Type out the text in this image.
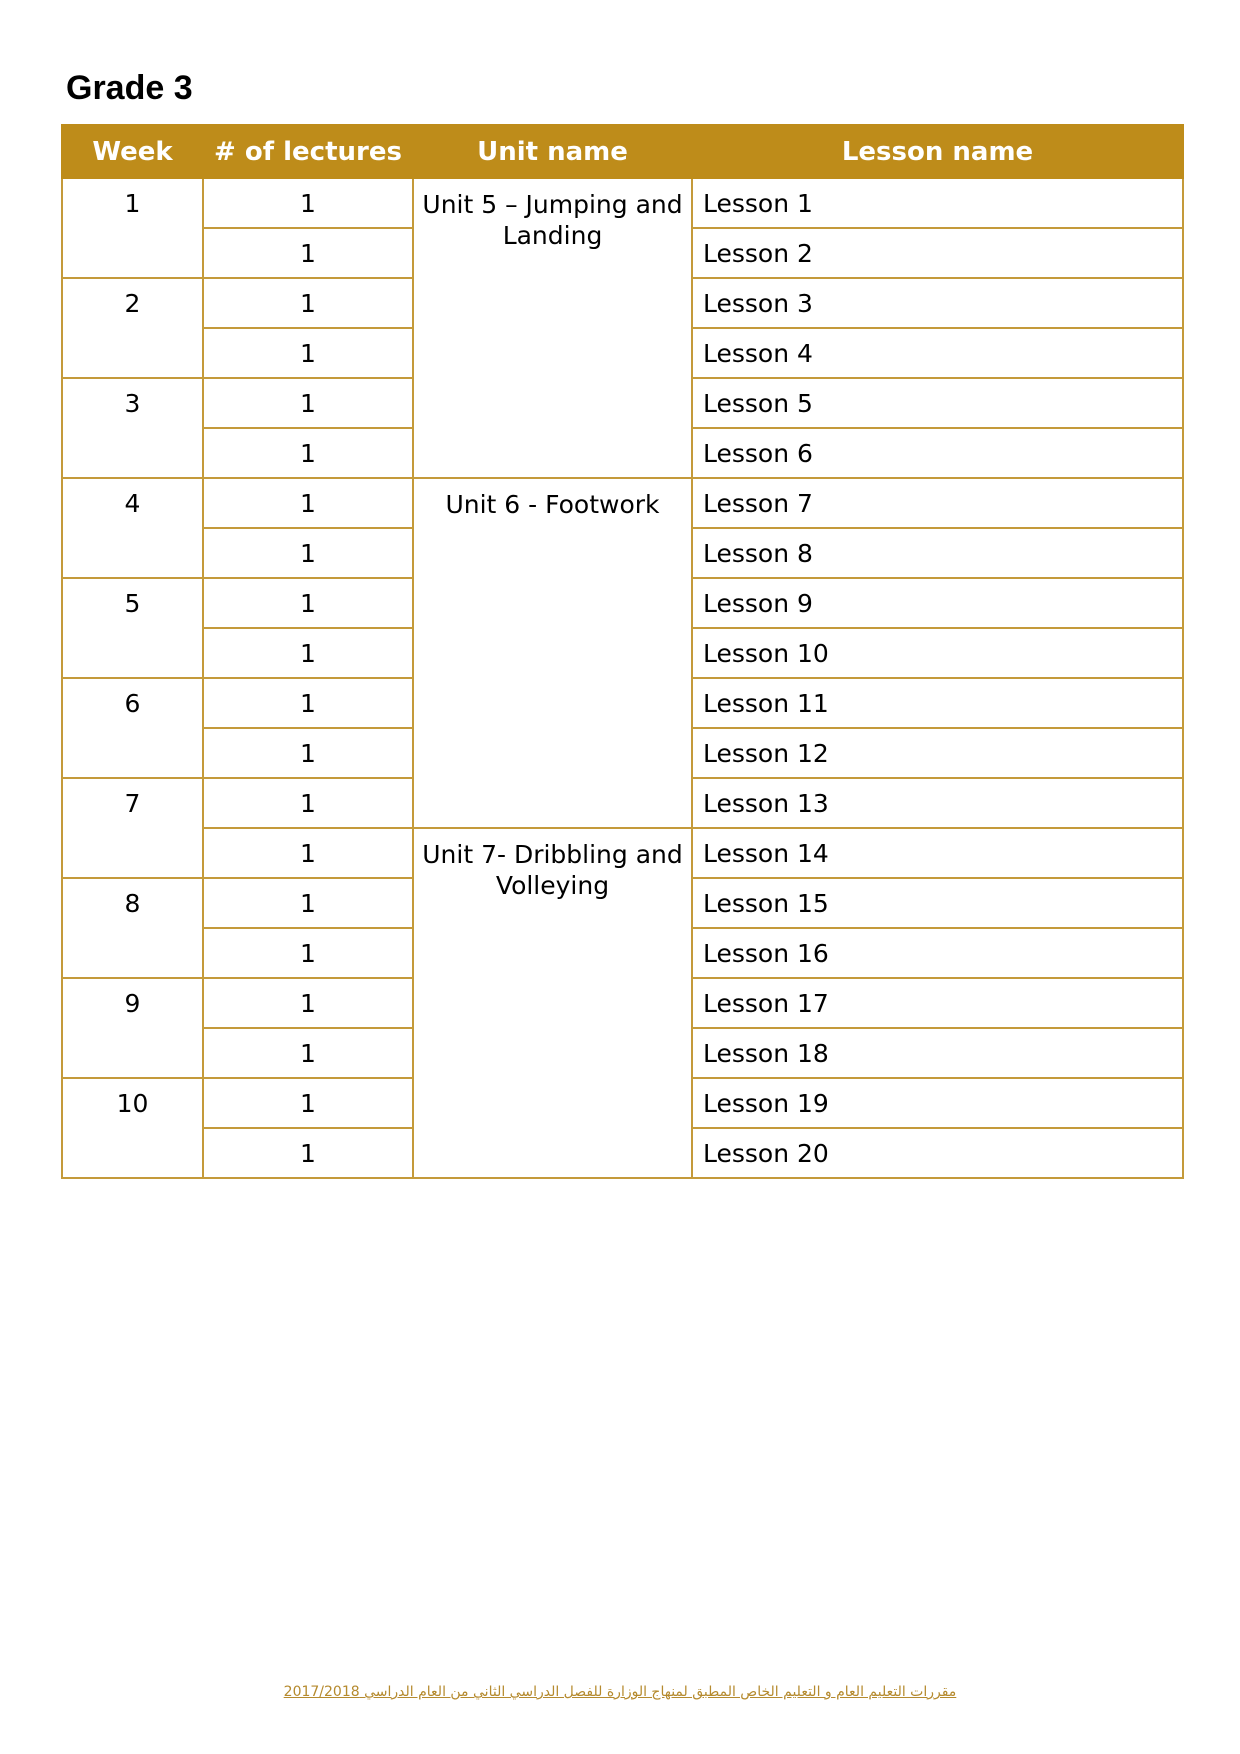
Grade 3
Week	# of lectures	Unit name	Lesson name
1	1	Unit 5 – Jumping and Landing	Lesson 1
	1		Lesson 2
2	1		Lesson 3
	1		Lesson 4
3	1		Lesson 5
	1		Lesson 6
4	1	Unit 6 - Footwork	Lesson 7
	1		Lesson 8
5	1		Lesson 9
	1		Lesson 10
6	1		Lesson 11
	1		Lesson 12
7	1		Lesson 13
	1	Unit 7- Dribbling and Volleying	Lesson 14
8	1		Lesson 15
	1		Lesson 16
9	1		Lesson 17
	1		Lesson 18
10	1		Lesson 19
	1		Lesson 20
مقررات التعليم العام و التعليم الخاص المطبق لمنهاج الوزارة للفصل الدراسي الثاني من العام الدراسي 2017/2018
